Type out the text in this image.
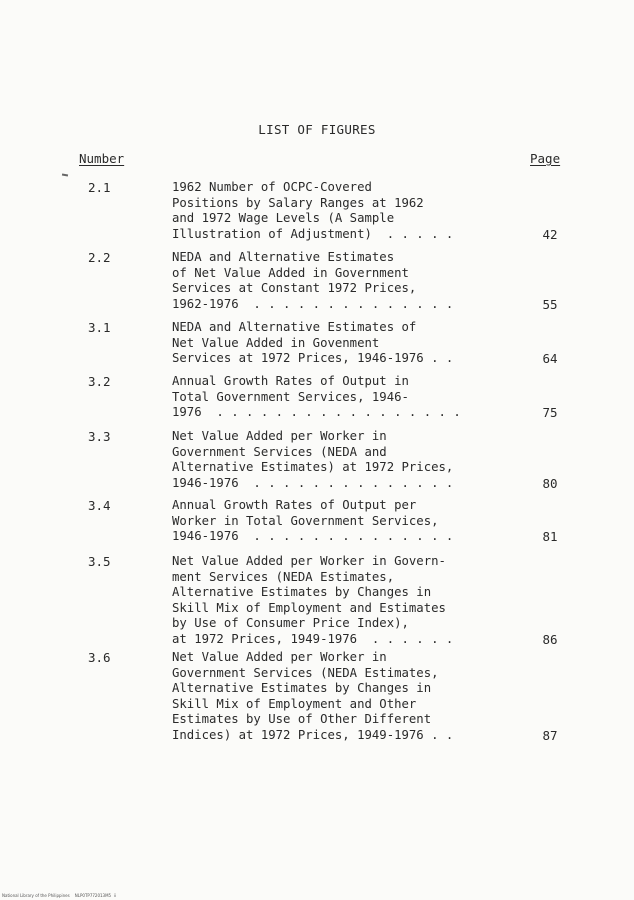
LIST OF FIGURES
Number	Page
2.1	1962 Number of OCPC-Covered
Positions by Salary Ranges at 1962
and 1972 Wage Levels (A Sample
Illustration of Adjustment)  . . . . .	42
2.2	NEDA and Alternative Estimates
of Net Value Added in Government
Services at Constant 1972 Prices,
1962-1976  . . . . . . . . . . . . . .	55
3.1	NEDA and Alternative Estimates of
Net Value Added in Govenment
Services at 1972 Prices, 1946-1976 . .	64
3.2	Annual Growth Rates of Output in
Total Government Services, 1946-
1976  . . . . . . . . . . . . . . . . .	75
3.3	Net Value Added per Worker in
Government Services (NEDA and
Alternative Estimates) at 1972 Prices,
1946-1976  . . . . . . . . . . . . . .	80
3.4	Annual Growth Rates of Output per
Worker in Total Government Services,
1946-1976  . . . . . . . . . . . . . .	81
3.5	Net Value Added per Worker in Govern-
ment Services (NEDA Estimates,
Alternative Estimates by Changes in
Skill Mix of Employment and Estimates
by Use of Consumer Price Index),
at 1972 Prices, 1949-1976  . . . . . .	86
3.6	Net Value Added per Worker in
Government Services (NEDA Estimates,
Alternative Estimates by Changes in
Skill Mix of Employment and Other
Estimates by Use of Other Different
Indices) at 1972 Prices, 1949-1976 . .	87
National Library of the Philippines    NLP0TP772013M5  ii
